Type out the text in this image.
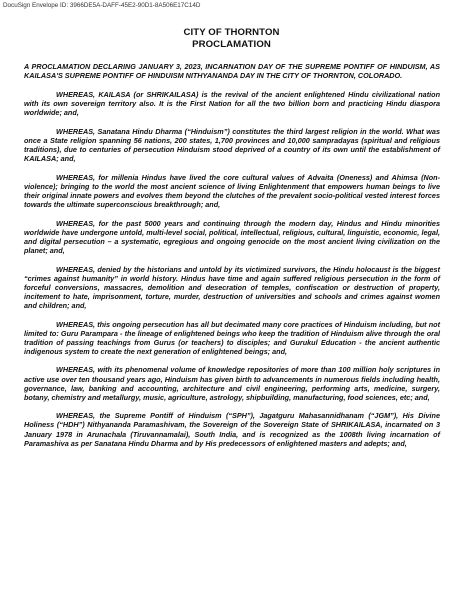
DocuSign Envelope ID: 3966DE5A-DAFF-45E2-90D1-8A506E17C14D
CITY OF THORNTON
PROCLAMATION

A PROCLAMATION DECLARING JANUARY 3, 2023, INCARNATION DAY OF THE SUPREME PONTIFF OF HINDUISM, AS KAILASA'S SUPREME PONTIFF OF HINDUISM NITHYANANDA DAY IN THE CITY OF THORNTON, COLORADO.

WHEREAS, KAILASA (or SHRIKAILASA) is the revival of the ancient enlightened Hindu civilizational nation with its own sovereign territory also. It is the First Nation for all the two billion born and practicing Hindu diaspora worldwide; and,

WHEREAS, Sanatana Hindu Dharma (“Hinduism”) constitutes the third largest religion in the world. What was once a State religion spanning 56 nations, 200 states, 1,700 provinces and 10,000 sampradayas (spiritual and religious traditions), due to centuries of persecution Hinduism stood deprived of a country of its own until the establishment of KAILASA; and,

WHEREAS, for millenia Hindus have lived the core cultural values of Advaita (Oneness) and Ahimsa (Non-violence); bringing to the world the most ancient science of living Enlightenment that empowers human beings to live their original innate powers and evolves them beyond the clutches of the prevalent socio-political vested interest forces towards the ultimate superconscious breakthrough; and,

WHEREAS, for the past 5000 years and continuing through the modern day, Hindus and Hindu minorities worldwide have undergone untold, multi-level social, political, intellectual, religious, cultural, linguistic, economic, legal, and digital persecution – a systematic, egregious and ongoing genocide on the most ancient living civilization on the planet; and,

WHEREAS, denied by the historians and untold by its victimized survivors, the Hindu holocaust is the biggest “crimes against humanity” in world history. Hindus have time and again suffered religious persecution in the form of forceful conversions, massacres, demolition and desecration of temples, confiscation or destruction of property, incitement to hate, imprisonment, torture, murder, destruction of universities and schools and crimes against women and children; and,

WHEREAS, this ongoing persecution has all but decimated many core practices of Hinduism including, but not limited to: Guru Parampara - the lineage of enlightened beings who keep the tradition of Hinduism alive through the oral tradition of passing teachings from Gurus (or teachers) to disciples; and Gurukul Education - the ancient authentic indigenous system to create the next generation of enlightened beings; and,

WHEREAS, with its phenomenal volume of knowledge repositories of more than 100 million holy scriptures in active use over ten thousand years ago, Hinduism has given birth to advancements in numerous fields including health, governance, law, banking and accounting, architecture and civil engineering, performing arts, medicine, surgery, botany, chemistry and metallurgy, music, agriculture, astrology, shipbuilding, manufacturing, food sciences, etc; and,

WHEREAS, the Supreme Pontiff of Hinduism (“SPH”), Jagatguru Mahasannidhanam (“JGM”), His Divine Holiness (“HDH”) Nithyananda Paramashivam, the Sovereign of the Sovereign State of SHRIKAILASA, incarnated on 3 January 1978 in Arunachala (Tiruvannamalai), South India, and is recognized as the 1008th living incarnation of Paramashiva as per Sanatana Hindu Dharma and by His predecessors of enlightened masters and adepts; and,
